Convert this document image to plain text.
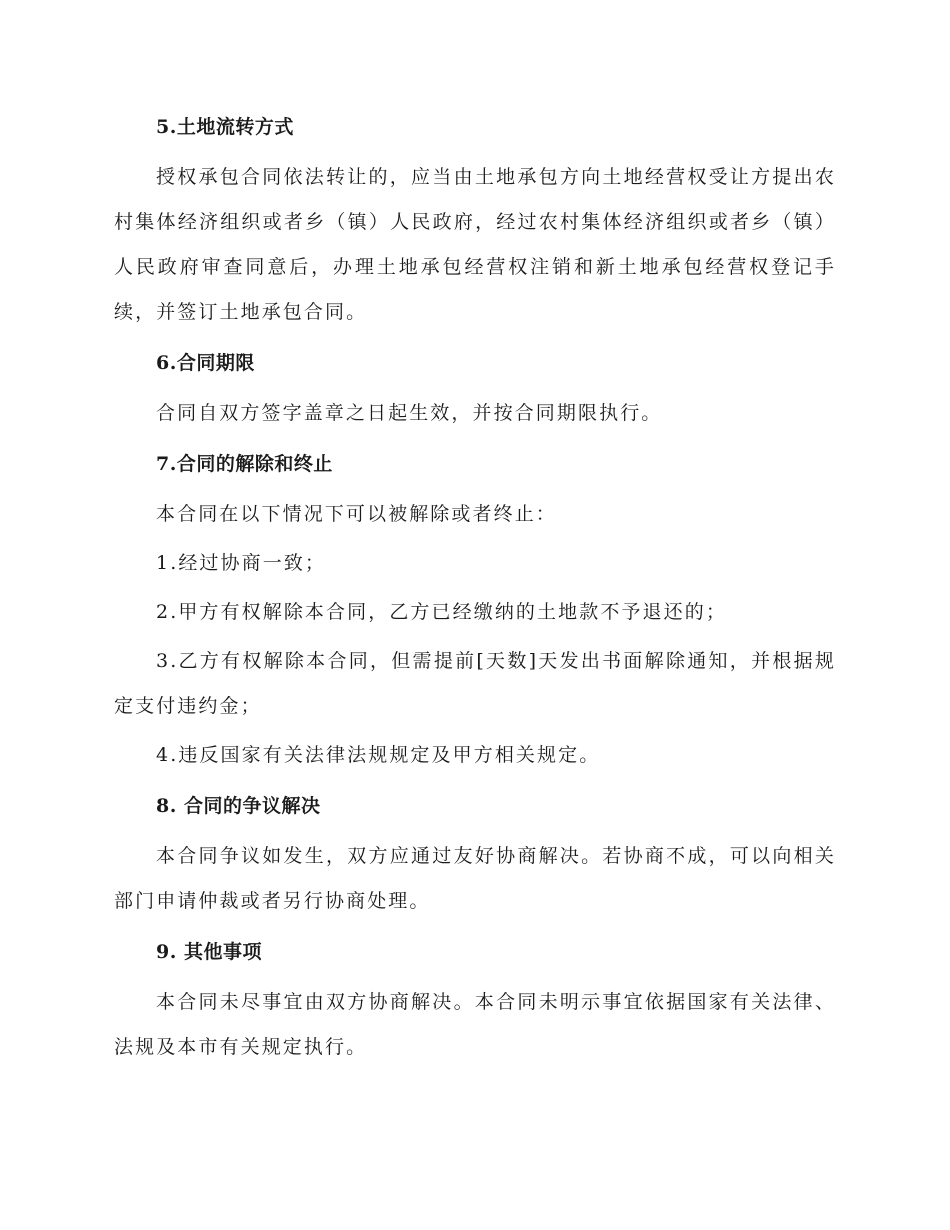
5.土地流转方式

授权承包合同依法转让的，应当由土地承包方向土地经营权受让方提出农村集体经济组织或者乡（镇）人民政府，经过农村集体经济组织或者乡（镇）人民政府审查同意后，办理土地承包经营权注销和新土地承包经营权登记手续，并签订土地承包合同。

6.合同期限

合同自双方签字盖章之日起生效，并按合同期限执行。

7.合同的解除和终止

本合同在以下情况下可以被解除或者终止：

1.经过协商一致；

2.甲方有权解除本合同，乙方已经缴纳的土地款不予退还的；

3.乙方有权解除本合同，但需提前[天数]天发出书面解除通知，并根据规定支付违约金；

4.违反国家有关法律法规规定及甲方相关规定。

8. 合同的争议解决

本合同争议如发生，双方应通过友好协商解决。若协商不成，可以向相关部门申请仲裁或者另行协商处理。

9. 其他事项

本合同未尽事宜由双方协商解决。本合同未明示事宜依据国家有关法律、法规及本市有关规定执行。
